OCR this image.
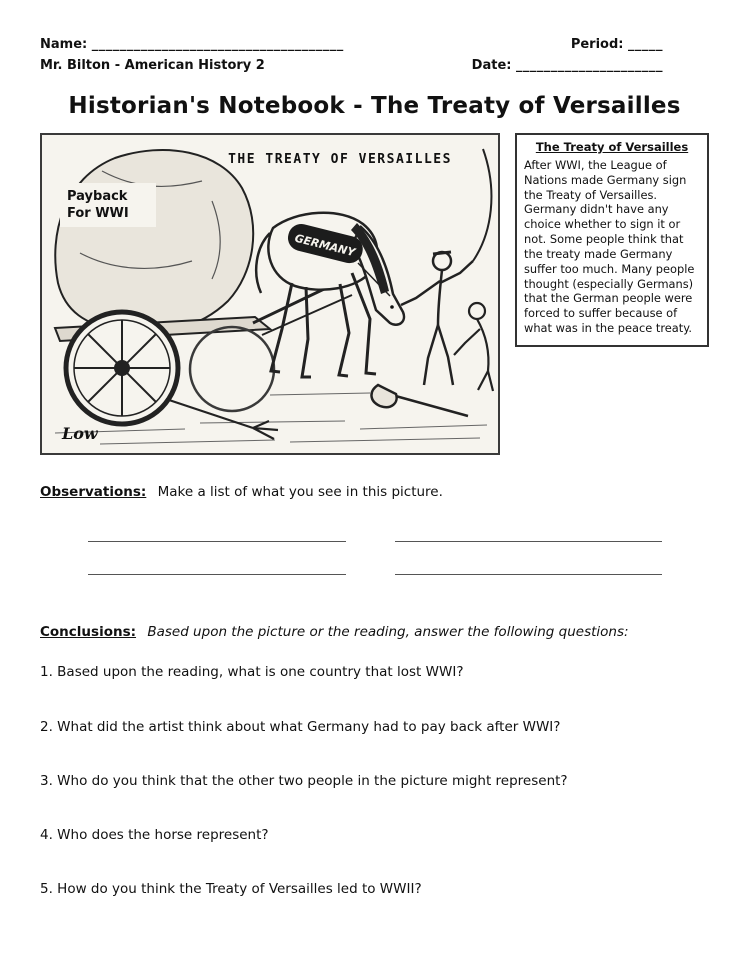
Name: ____________________________________	Period: _____
Mr. Bilton - American History 2	Date: _____________________
Historian's Notebook - The Treaty of Versailles
THE TREATY OF VERSAILLES
Payback
For WWI
GERMANY
Low
The Treaty of Versailles
After WWI, the League of Nations made Germany sign the Treaty of Versailles. Germany didn't have any choice whether to sign it or not. Some people think that the treaty made Germany suffer too much. Many people thought (especially Germans) that the German people were forced to suffer because of what was in the peace treaty.
Observations: Make a list of what you see in this picture.
Conclusions: Based upon the picture or the reading, answer the following questions:
1. Based upon the reading, what is one country that lost WWI?
2. What did the artist think about what Germany had to pay back after WWI?
3. Who do you think that the other two people in the picture might represent?
4. Who does the horse represent?
5. How do you think the Treaty of Versailles led to WWII?
